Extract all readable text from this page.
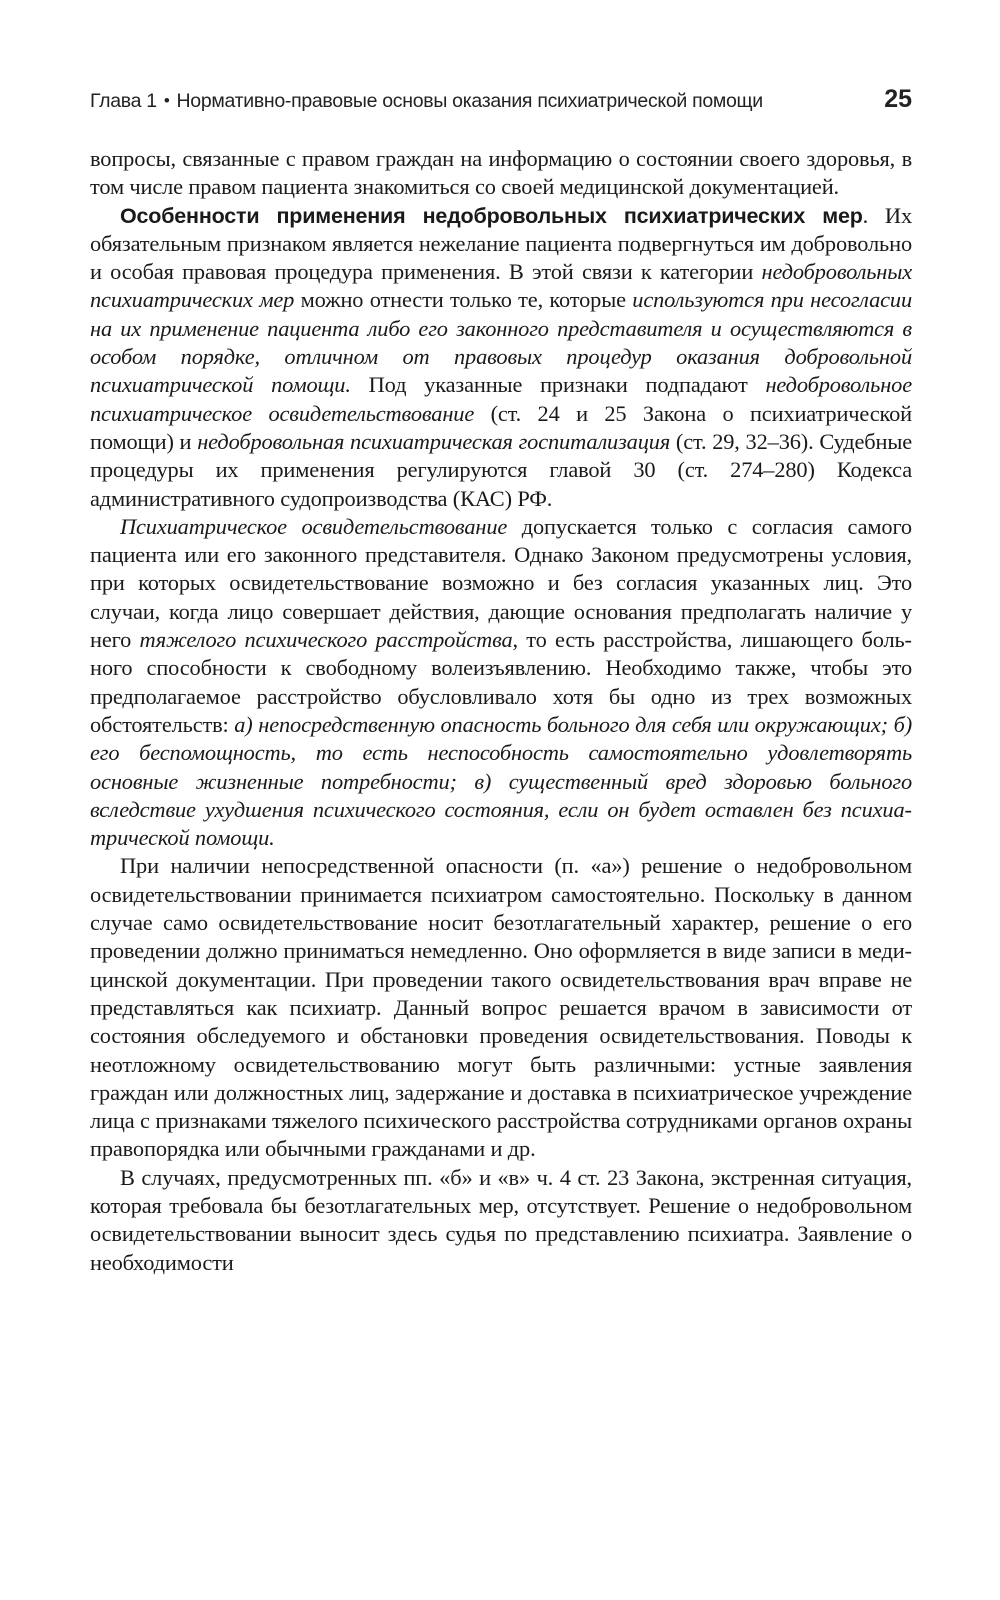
Глава 1 • Нормативно-правовые основы оказания психиатрической помощи	25

вопросы, связанные с правом граждан на информацию о состоянии своего здоровья, в том числе правом пациента знакомиться со своей медицинской документацией.

Особенности применения недобровольных психиатрических мер. Их обязательным признаком является нежелание пациента подвергнуться им добровольно и особая правовая процедура применения. В этой связи к категории недобровольных психиатрических мер можно отнести только те, которые используются при несогласии на их применение пациента либо его законного представителя и осуществляются в особом порядке, отличном от правовых процедур оказания добровольной психиатрической помощи. Под указанные признаки подпадают недобровольное психиатрическое освидетельствование (ст. 24 и 25 Закона о психиатрической помощи) и недобровольная психиатрическая госпитализация (ст. 29, 32–36). Судебные процедуры их применения регулируются главой 30 (ст. 274–280) Кодекса административного судопроизводства (КАС) РФ.

Психиатрическое освидетельствование допускается только с согласия самого пациента или его законного представителя. Однако Законом предусмотрены условия, при которых освидетельствование возможно и без согласия указанных лиц. Это случаи, когда лицо совершает действия, дающие основания предполагать наличие у него тяжелого психического расстройства, то есть расстройства, лишающего больного способности к свободному волеизъявлению. Необходимо также, чтобы это предполагаемое расстройство обусловливало хотя бы одно из трех возможных обстоятельств: а) непосредственную опасность больного для себя или окружающих; б) его беспомощность, то есть неспособность самостоятельно удовлетворять основные жизненные потребности; в) существенный вред здоровью больного вследствие ухудшения психического состояния, если он будет оставлен без психиатрической помощи.

При наличии непосредственной опасности (п. «а») решение о недобровольном освидетельствовании принимается психиатром самостоятельно. Поскольку в данном случае само освидетельствование носит безотлагательный характер, решение о его проведении должно приниматься немедленно. Оно оформляется в виде записи в медицинской документации. При проведении такого освидетельствования врач вправе не представляться как психиатр. Данный вопрос решается врачом в зависимости от состояния обследуемого и обстановки проведения освидетельствования. Поводы к неотложному освидетельствованию могут быть различными: устные заявления граждан или должностных лиц, задержание и доставка в психиатрическое учреждение лица с признаками тяжелого психического расстройства сотрудниками органов охраны правопорядка или обычными гражданами и др.

В случаях, предусмотренных пп. «б» и «в» ч. 4 ст. 23 Закона, экстренная ситуация, которая требовала бы безотлагательных мер, отсутствует. Решение о недобровольном освидетельствовании выносит здесь судья по представлению психиатра. Заявление о необходимости
